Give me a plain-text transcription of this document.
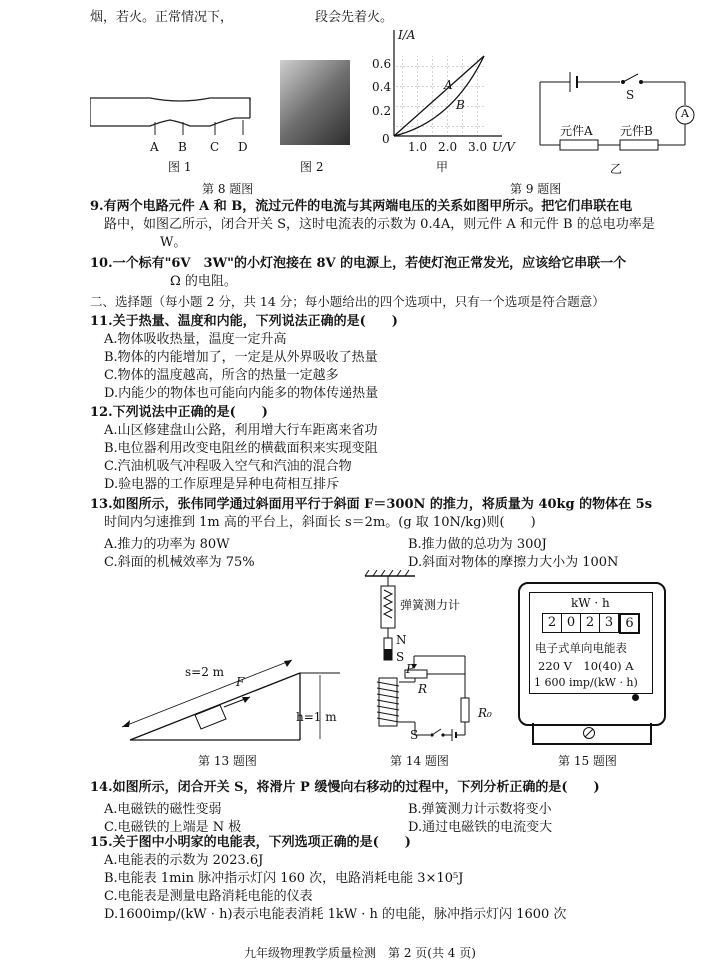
烟，若火。正常情况下，	段会先着火。
A B C D
图 1	图 2
I/A
0.6
0.4
0.2
0
1.0 2.0 3.0 U/V
A
B
甲
S
A
元件A 元件B
乙
第 8 题图	第 9 题图
9.有两个电路元件 A 和 B，流过元件的电流与其两端电压的关系如图甲所示。把它们串联在电
路中，如图乙所示，闭合开关 S，这时电流表的示数为 0.4A，则元件 A 和元件 B 的总电功率是
W。
10.一个标有"6V　3W"的小灯泡接在 8V 的电源上，若使灯泡正常发光，应该给它串联一个
Ω 的电阻。
二、选择题（每小题 2 分，共 14 分；每小题给出的四个选项中，只有一个选项是符合题意）
11.关于热量、温度和内能，下列说法正确的是(　　)
A.物体吸收热量，温度一定升高
B.物体的内能增加了，一定是从外界吸收了热量
C.物体的温度越高，所含的热量一定越多
D.内能少的物体也可能向内能多的物体传递热量
12.下列说法中正确的是(　　)
A.山区修建盘山公路，利用增大行车距离来省功
B.电位器利用改变电阻丝的横截面积来实现变阻
C.汽油机吸气冲程吸入空气和汽油的混合物
D.验电器的工作原理是异种电荷相互排斥
13.如图所示，张伟同学通过斜面用平行于斜面 F＝300N 的推力，将质量为 40kg 的物体在 5s
时间内匀速推到 1m 高的平台上，斜面长 s＝2m。(g 取 10N/kg)则(　　)
A.推力的功率为 80W	B.推力做的总功为 300J
C.斜面的机械效率为 75%	D.斜面对物体的摩擦力大小为 100N
s=2 m
F
h=1 m
第 13 题图
弹簧测力计
N
S
P
R
R₀
S
第 14 题图
kW · h
2 0 2 3 6
电子式单向电能表
220 V　10(40) A
1 600 imp/(kW · h)
第 15 题图
14.如图所示，闭合开关 S，将滑片 P 缓慢向右移动的过程中，下列分析正确的是(　　)
A.电磁铁的磁性变弱	B.弹簧测力计示数将变小
C.电磁铁的上端是 N 极	D.通过电磁铁的电流变大
15.关于图中小明家的电能表，下列选项正确的是(　　)
A.电能表的示数为 2023.6J
B.电能表 1min 脉冲指示灯闪 160 次，电路消耗电能 3×10⁵J
C.电能表是测量电路消耗电能的仪表
D.1600imp/(kW · h)表示电能表消耗 1kW · h 的电能，脉冲指示灯闪 1600 次
九年级物理教学质量检测　第 2 页(共 4 页)
